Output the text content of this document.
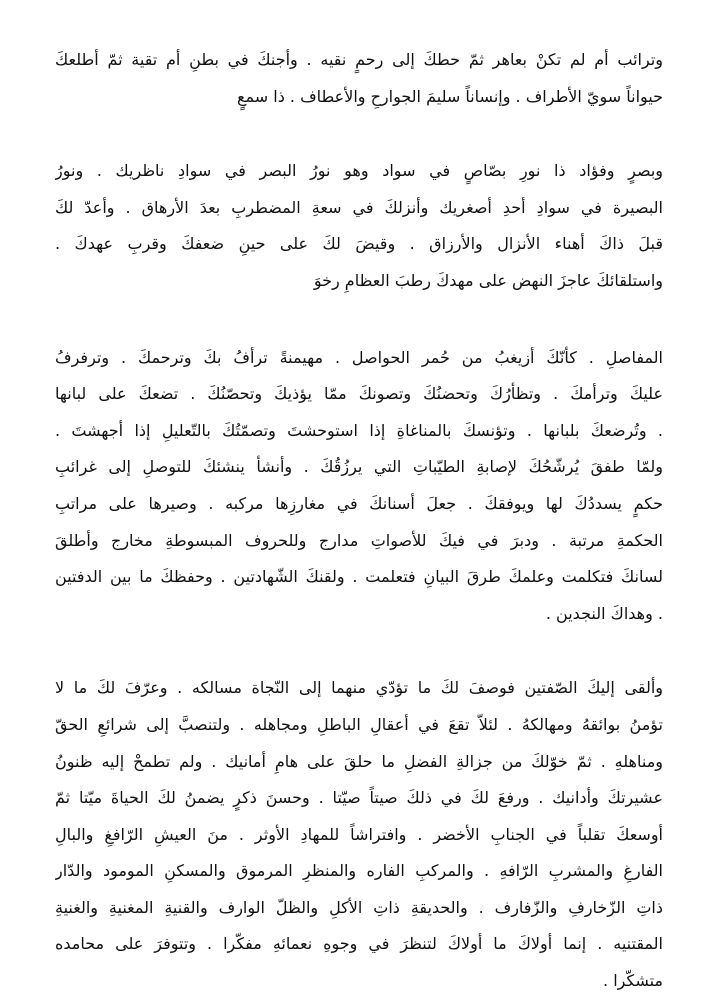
وترائب أم لم تكنْ بعاهر ثمّ حطكَ إلى رحمٍ نقيه . وأجنكَ في بطنِ أم تقية ثمّ أطلعكَ
حيواناً سويّ الأطراف . وإنساناً سليمَ الجوارحِ والأعطاف . ذا سمعٍ
وبصرٍ وفؤاد ذا نورِ بصّاصٍ في سواد وهو نورُ البصر في سوادِ ناظريك . ونورُ
البصيرة في سوادِ أحدِ أصغريك وأنزلكَ في سعةِ المضطربِ بعدَ الأرهاق . وأعدّ لكَ
قبلَ ذاكَ أهناء الأنزال والأرزاق . وقيضَ لكَ على حينِ ضعفكَ وقربِ عهدكَ .
واستلقائكَ عاجزَ النهض على مهدكَ رطبَ العظامِ رخوَ
المفاصلِ . كأنّكَ أزيغبُ من حُمر الحواصل . مهيمنةً ترأفُ بكَ وترحمكَ . وترفرفُ
عليكَ وترأمكَ . وتظأرُكَ وتحضنُكَ وتصونكَ ممّا يؤذيكَ وتحصّنُكَ . تضعكَ على لبانها
. وتُرضعكَ بلبانها . وتؤنسكَ بالمناغاةِ إذا استوحشتَ وتصمّتُكَ بالتّعليلِ إذا أجهشتَ .
ولمّا طفقَ يُرشّحُكَ لإصابةِ الطيّباتِ التي يرزُقُكَ . وأنشأ ينشئكَ للتوصلِ إلى غرائبِ
حكمٍ يسددُكَ لها ويوفقكَ . جعلَ أسنانكَ في مغارزِها مركبه . وصيرها على مراتبِ
الحكمةِ مرتبة . ودبرَ في فيكَ للأصواتِ مدارج وللحروف المبسوطةِ مخارج وأطلقَ
لسانكَ فتكلمت وعلمكَ طرقَ البيانِ فتعلمت . ولقنكَ الشّهادتين . وحفظكَ ما بين الدفتين
. وهداكَ النجدين .
وألقى إليكَ الصّفتين فوصفَ لكَ ما تؤدّي منهما إلى النّجاة مسالكه . وعرّفَ لكَ ما لا
تؤمنُ بوائقهُ ومهالكهُ . لئلاّ تقعَ في أعقالِ الباطلِ ومجاهله . ولتنصبَّ إلى شرائعِ الحقّ
ومناهلهِ . ثمّ خوّلكَ من جزالةِ الفضلِ ما حلقَ على هامِ أمانيك . ولم تطمحْ إليه ظنونُ
عشيرتكَ وأدانيك . ورفعَ لكَ في ذلكَ صيتاً صيّتا . وحسنَ ذكرٍ يضمنُ لكَ الحياةَ ميّتا ثمّ
أوسعكَ تقلباً في الجنابِ الأخضر . وافتراشاً للمهادِ الأوثر . منَ العيشِ الرّافغِ والبالِ
الفارغِ والمشربِ الرّافهِ . والمركبِ الفاره والمنظرِ المرموق والمسكنِ المومود والدّار
ذاتِ الزّخارفِ والزّفارف . والحديقةِ ذاتِ الأكلِ والظلّ الوارف والقنيةِ المغنيةِ والغنيةِ
المقتنيه . إنما أولاكَ ما أولاكَ لتنظرَ في وجوهِ نعمائهِ مفكّرا . وتتوفرَ على محامده
متشكّرا .
